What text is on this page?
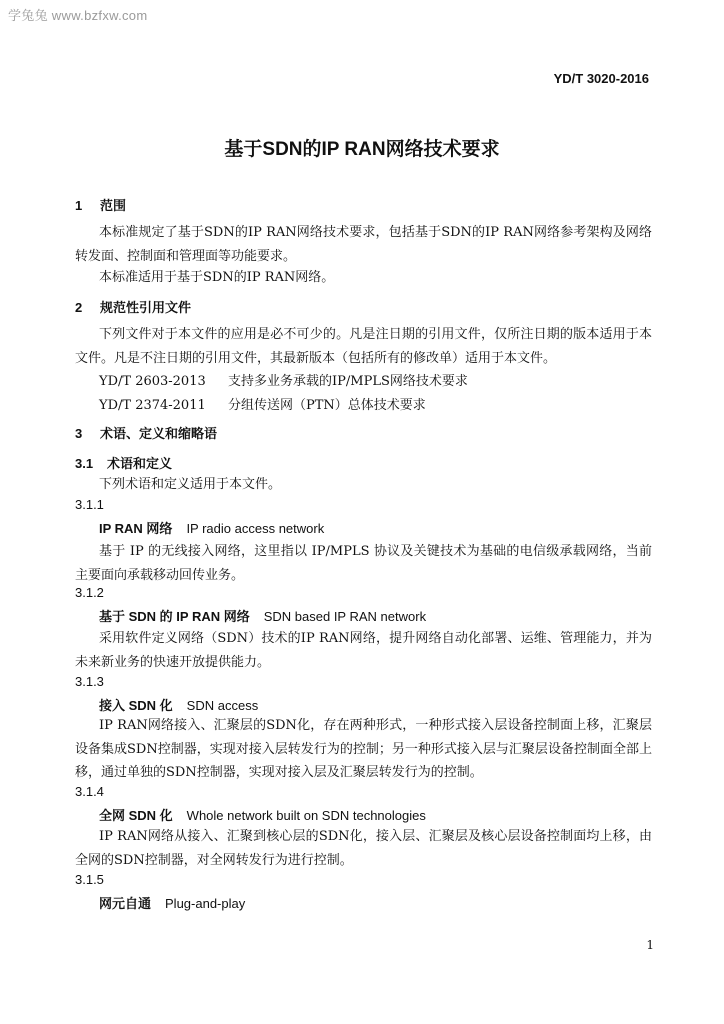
学兔兔 www.bzfxw.com
YD/T 3020-2016
基于SDN的IP RAN网络技术要求
1 范围
本标准规定了基于SDN的IP RAN网络技术要求，包括基于SDN的IP RAN网络参考架构及网络转发面、控制面和管理面等功能要求。
本标准适用于基于SDN的IP RAN网络。
2 规范性引用文件
下列文件对于本文件的应用是必不可少的。凡是注日期的引用文件，仅所注日期的版本适用于本文件。凡是不注日期的引用文件，其最新版本（包括所有的修改单）适用于本文件。
YD/T 2603-2013 支持多业务承载的IP/MPLS网络技术要求
YD/T 2374-2011 分组传送网（PTN）总体技术要求
3 术语、定义和缩略语
3.1 术语和定义
下列术语和定义适用于本文件。
3.1.1
IP RAN 网络 IP radio access network
基于 IP 的无线接入网络，这里指以 IP/MPLS 协议及关键技术为基础的电信级承载网络，当前主要面向承载移动回传业务。
3.1.2
基于 SDN 的 IP RAN 网络 SDN based IP RAN network
采用软件定义网络（SDN）技术的IP RAN网络，提升网络自动化部署、运维、管理能力，并为未来新业务的快速开放提供能力。
3.1.3
接入 SDN 化 SDN access
IP RAN网络接入、汇聚层的SDN化，存在两种形式，一种形式接入层设备控制面上移，汇聚层设备集成SDN控制器，实现对接入层转发行为的控制；另一种形式接入层与汇聚层设备控制面全部上移，通过单独的SDN控制器，实现对接入层及汇聚层转发行为的控制。
3.1.4
全网 SDN 化 Whole network built on SDN technologies
IP RAN网络从接入、汇聚到核心层的SDN化，接入层、汇聚层及核心层设备控制面均上移，由全网的SDN控制器，对全网转发行为进行控制。
3.1.5
网元自通 Plug-and-play
1
